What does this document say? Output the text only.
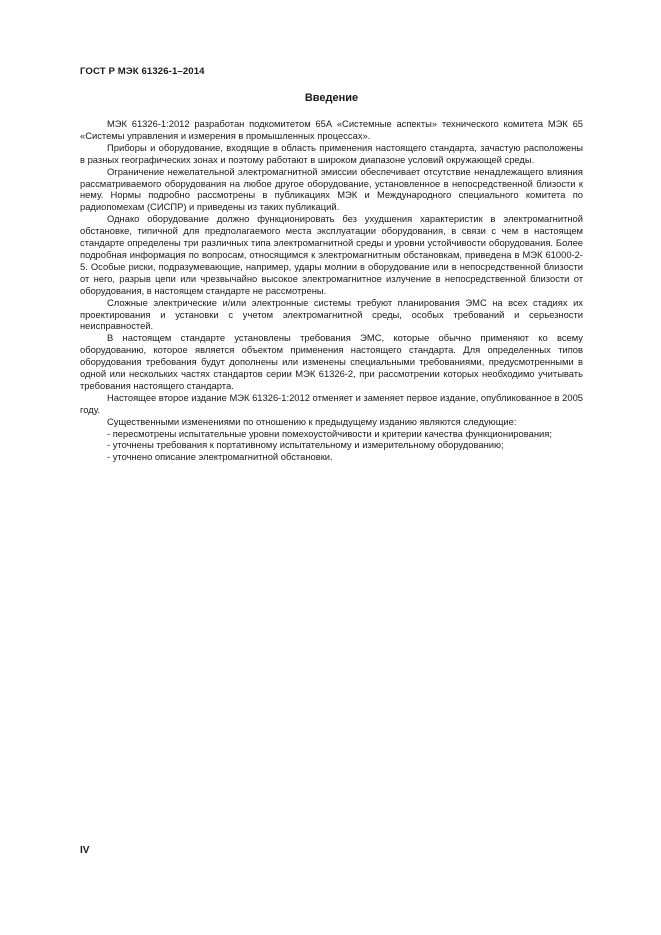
ГОСТ Р МЭК 61326-1–2014
Введение

МЭК 61326-1:2012 разработан подкомитетом 65А «Системные аспекты» технического комитета МЭК 65 «Системы управления и измерения в промышленных процессах».

Приборы и оборудование, входящие в область применения настоящего стандарта, зачастую расположены в разных географических зонах и поэтому работают в широком диапазоне условий окружающей среды.

Ограничение нежелательной электромагнитной эмиссии обеспечивает отсутствие ненадлежащего влияния рассматриваемого оборудования на любое другое оборудование, установленное в непосредственной близости к нему. Нормы подробно рассмотрены в публикациях МЭК и Международного специального комитета по радиопомехам (СИСПР) и приведены из таких публикаций.

Однако оборудование должно функционировать без ухудшения характеристик в электромагнитной обстановке, типичной для предполагаемого места эксплуатации оборудования, в связи с чем в настоящем стандарте определены три различных типа электромагнитной среды и уровни устойчивости оборудования. Более подробная информация по вопросам, относящимся к электромагнитным обстановкам, приведена в МЭК 61000-2-5. Особые риски, подразумевающие, например, удары молнии в оборудование или в непосредственной близости от него, разрыв цепи или чрезвычайно высокое электромагнитное излучение в непосредственной близости от оборудования, в настоящем стандарте не рассмотрены.

Сложные электрические и/или электронные системы требуют планирования ЭМС на всех стадиях их проектирования и установки с учетом электромагнитной среды, особых требований и серьезности неисправностей.

В настоящем стандарте установлены требования ЭМС, которые обычно применяют ко всему оборудованию, которое является объектом применения настоящего стандарта. Для определенных типов оборудования требования будут дополнены или изменены специальными требованиями, предусмотренными в одной или нескольких частях стандартов серии МЭК 61326-2, при рассмотрении которых необходимо учитывать требования настоящего стандарта.

Настоящее второе издание МЭК 61326-1:2012 отменяет и заменяет первое издание, опубликованное в 2005 году.

Существенными изменениями по отношению к предыдущему изданию являются следующие:

- пересмотрены испытательные уровни помехоустойчивости и критерии качества функционирования;

- уточнены требования к портативному испытательному и измерительному оборудованию;

- уточнено описание электромагнитной обстановки.

IV
